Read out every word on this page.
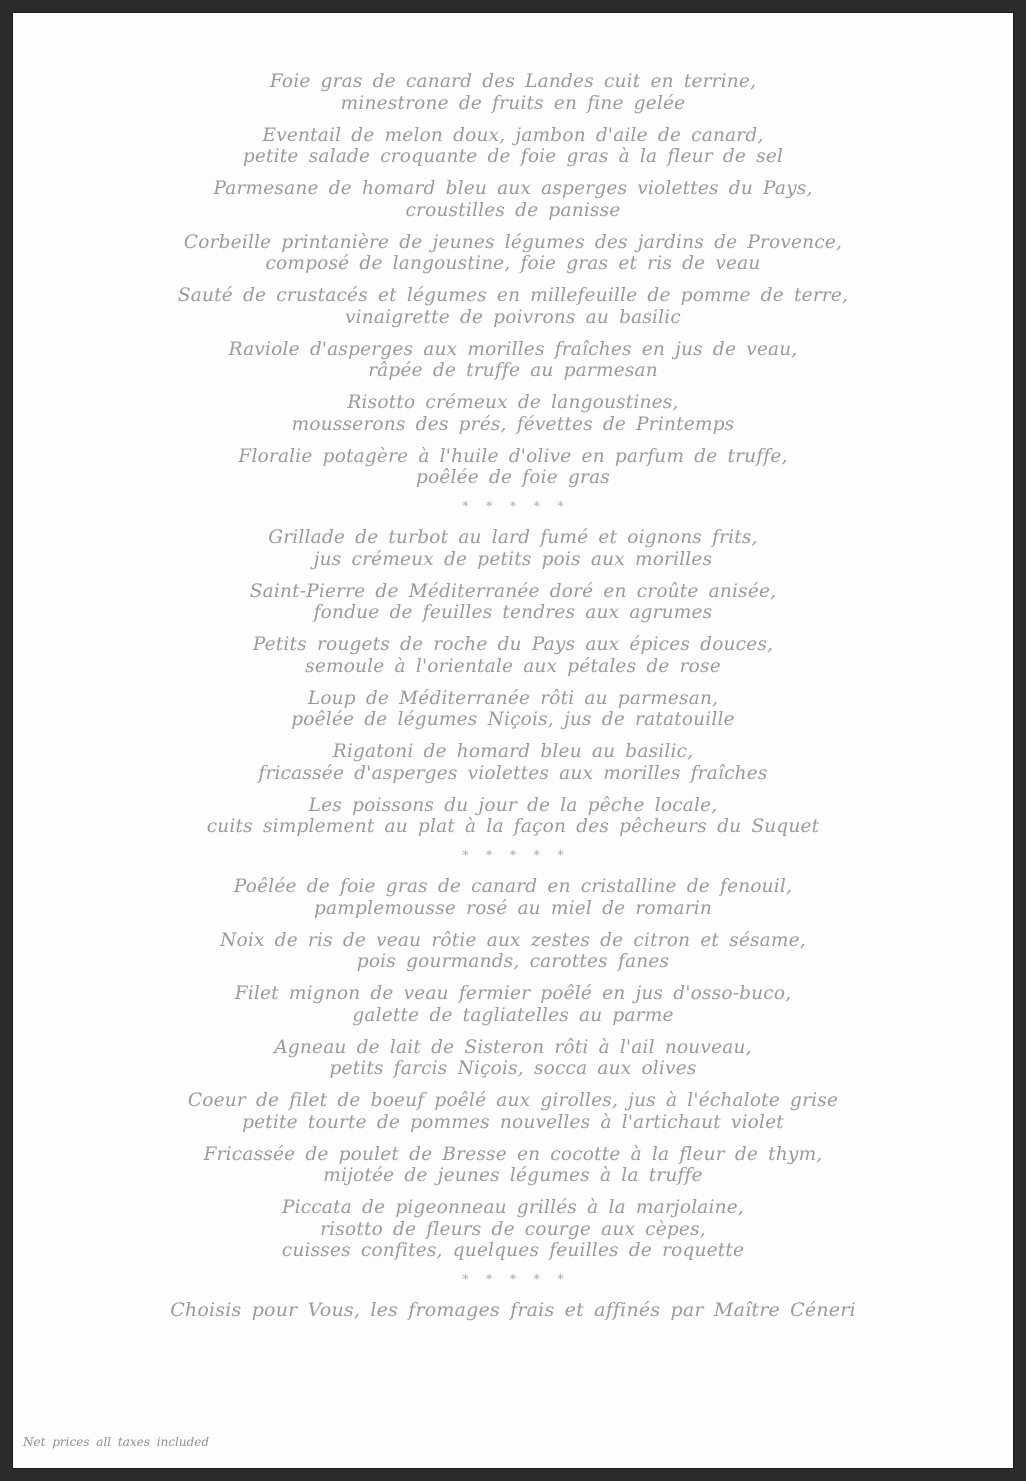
Foie gras de canard des Landes cuit en terrine,
minestrone de fruits en fine gelée
Eventail de melon doux, jambon d'aile de canard,
petite salade croquante de foie gras à la fleur de sel
Parmesane de homard bleu aux asperges violettes du Pays,
croustilles de panisse
Corbeille printanière de jeunes légumes des jardins de Provence,
composé de langoustine, foie gras et ris de veau
Sauté de crustacés et légumes en millefeuille de pomme de terre,
vinaigrette de poivrons au basilic
Raviole d'asperges aux morilles fraîches en jus de veau,
râpée de truffe au parmesan
Risotto crémeux de langoustines,
mousserons des prés, févettes de Printemps
Floralie potagère à l'huile d'olive en parfum de truffe,
poêlée de foie gras
* * * * *
Grillade de turbot au lard fumé et oignons frits,
jus crémeux de petits pois aux morilles
Saint-Pierre de Méditerranée doré en croûte anisée,
fondue de feuilles tendres aux agrumes
Petits rougets de roche du Pays aux épices douces,
semoule à l'orientale aux pétales de rose
Loup de Méditerranée rôti au parmesan,
poêlée de légumes Niçois, jus de ratatouille
Rigatoni de homard bleu au basilic,
fricassée d'asperges violettes aux morilles fraîches
Les poissons du jour de la pêche locale,
cuits simplement au plat à la façon des pêcheurs du Suquet
* * * * *
Poêlée de foie gras de canard en cristalline de fenouil,
pamplemousse rosé au miel de romarin
Noix de ris de veau rôtie aux zestes de citron et sésame,
pois gourmands, carottes fanes
Filet mignon de veau fermier poêlé en jus d'osso-buco,
galette de tagliatelles au parme
Agneau de lait de Sisteron rôti à l'ail nouveau,
petits farcis Niçois, socca aux olives
Coeur de filet de boeuf poêlé aux girolles, jus à l'échalote grise
petite tourte de pommes nouvelles à l'artichaut violet
Fricassée de poulet de Bresse en cocotte à la fleur de thym,
mijotée de jeunes légumes à la truffe
Piccata de pigeonneau grillés à la marjolaine,
risotto de fleurs de courge aux cèpes,
cuisses confites, quelques feuilles de roquette
* * * * *
Choisis pour Vous, les fromages frais et affinés par Maître Céneri
Net prices all taxes included
